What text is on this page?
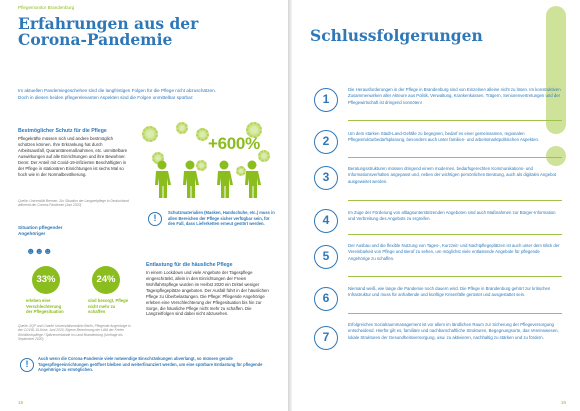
Pflegemonitor Brandenburg
Erfahrungen aus der
Corona-Pandemie
Im aktuellen Pandemiegeschehen sind die langfristigen Folgen für die Pflege nicht abzuschätzen. Doch in diesen beiden pflegerelevanten Aspekten sind die Folgen unmittelbar spürbar:
Bestmöglicher Schutz für die Pflege
Pflegekräfte müssen sich und andere bestmöglich schützen können. Ihre Erkrankung hat durch Arbeitsausfall, Quarantänemaßnahmen, etc. unmittelbare Auswirkungen auf alle Einrichtungen und ihre Bewohner. Denn: Der Anteil mit Covid-19-infizierten Beschäftigten in der Pflege in stationären Einrichtungen ist sechs Mal so hoch wie in der Normalbevölkerung.
Quelle: Universität Bremen, Zur Situation der Langzeitpflege in Deutschland während der Corona-Pandemie (Juni 2020)
+600%
!
Schutzmaterialien (Masken, Handschuhe, etc.) muss in allen Bereichen der Pflege sicher verfügbar sein, für den Fall, dass Lieferketten erneut gestört werden.
Situation pflegender
Angehöriger
☻☻☻
33%
erleben eine Verschlechterung der Pflegesituation
24%
sind besorgt, Pflege nicht mehr zu schaffen
Quelle: ZQP und Charité Universitätsmedizin Berlin, Pflegende Angehörige in der COVID-19-Krise, Juni 2020; Eigene Berechnung der LAfA der Freien Wohlfahrtspflege / Spitzenverbände im Land Brandenburg (Umfrage bis September 2020)
Entlastung für die häusliche Pflege
In einem Lockdown und viele Angebote der Tagespflege eingeschränkt, allein in den Einrichtungen der Freien Wohlfahrtspflege wurden im Herbst 2020 ein Drittel weniger Tagespflegeplätze angeboten. Der Ausfall führt in der häuslichen Pflege zu Überbelastungen. Die Pflege: Pflegende Angehörige erleben eine Verschlechterung der Pflegesituation bis hin zur Sorge, die häusliche Pflege nicht mehr zu schaffen. Die Langzeitfolgen sind dabei nicht abzusehen.
!
Auch wenn die Corona-Pandemie viele notwendige Einschränkungen abverlangt, so müssen gerade Tagespflegeeinrichtungen geöffnet bleiben und weiterfinanziert werden, um eine spürbare Entlastung für pflegende Angehörige zu ermöglichen.
18
Schlussfolgerungen
1
Die Herausforderungen in der Pflege in Brandenburg sind von Einzelnen alleine nicht zu lösen. Im konstruktiven Zusammenwirken aller Akteure aus Politik, Verwaltung, Krankenkassen, Trägern, Seniorenvertretungen und der Pflegewirtschaft ist dringend vonnöten!
2
Um dem starken Stadt-Land-Gefälle zu begegnen, bedarf es einer gemeinsamen, regionalen Pflegestrukturbedarfsplanung, besonders auch unter familien- und arbeitsmarktpolitischen Aspekten.
3
Beratungsstrukturen müssen dringend einem modernen, bedarfsgerechten Kommunikations- und Informationsverhalten angepasst und, neben der wichtigen persönlichen Beratung, auch als digitales Angebot ausgeweitet werden.
4
Im Zuge der Förderung von alltagsunterstützenden Angeboten sind auch Maßnahmen zur Bürger-Information und Verbreitung des Angebots zu ergreifen.
5
Der Ausbau und die flexible Nutzung von Tages-, Kurzzeit- und Nachtpflegeplätzen ist auch unter dem Blick der Vereinbarkeit von Pflege und Beruf zu sehen, um möglichst viele entlastende Angebote für pflegende Angehörige zu schaffen.
6
Niemand weiß, wie lange die Pandemie noch dauern wird. Die Pflege in Brandenburg gehört zur kritischen Infrastruktur und muss für anhaltende und künftige Krisenfälle gerüstet und ausgestattet sein.
7
Erfolgreiches Sozialraummanagement ist vor allem im ländlichen Raum zur Sicherung der Pflegeversorgung entscheidend. Hierfür gilt es, familiäre und nachbarschaftliche Strukturen, Begegnungsorte, das Vereinswesen, lokale Strukturen der Gesundheitsversorgung, usw. zu aktivieren, nachhaltig zu stärken und zu fördern.
19
